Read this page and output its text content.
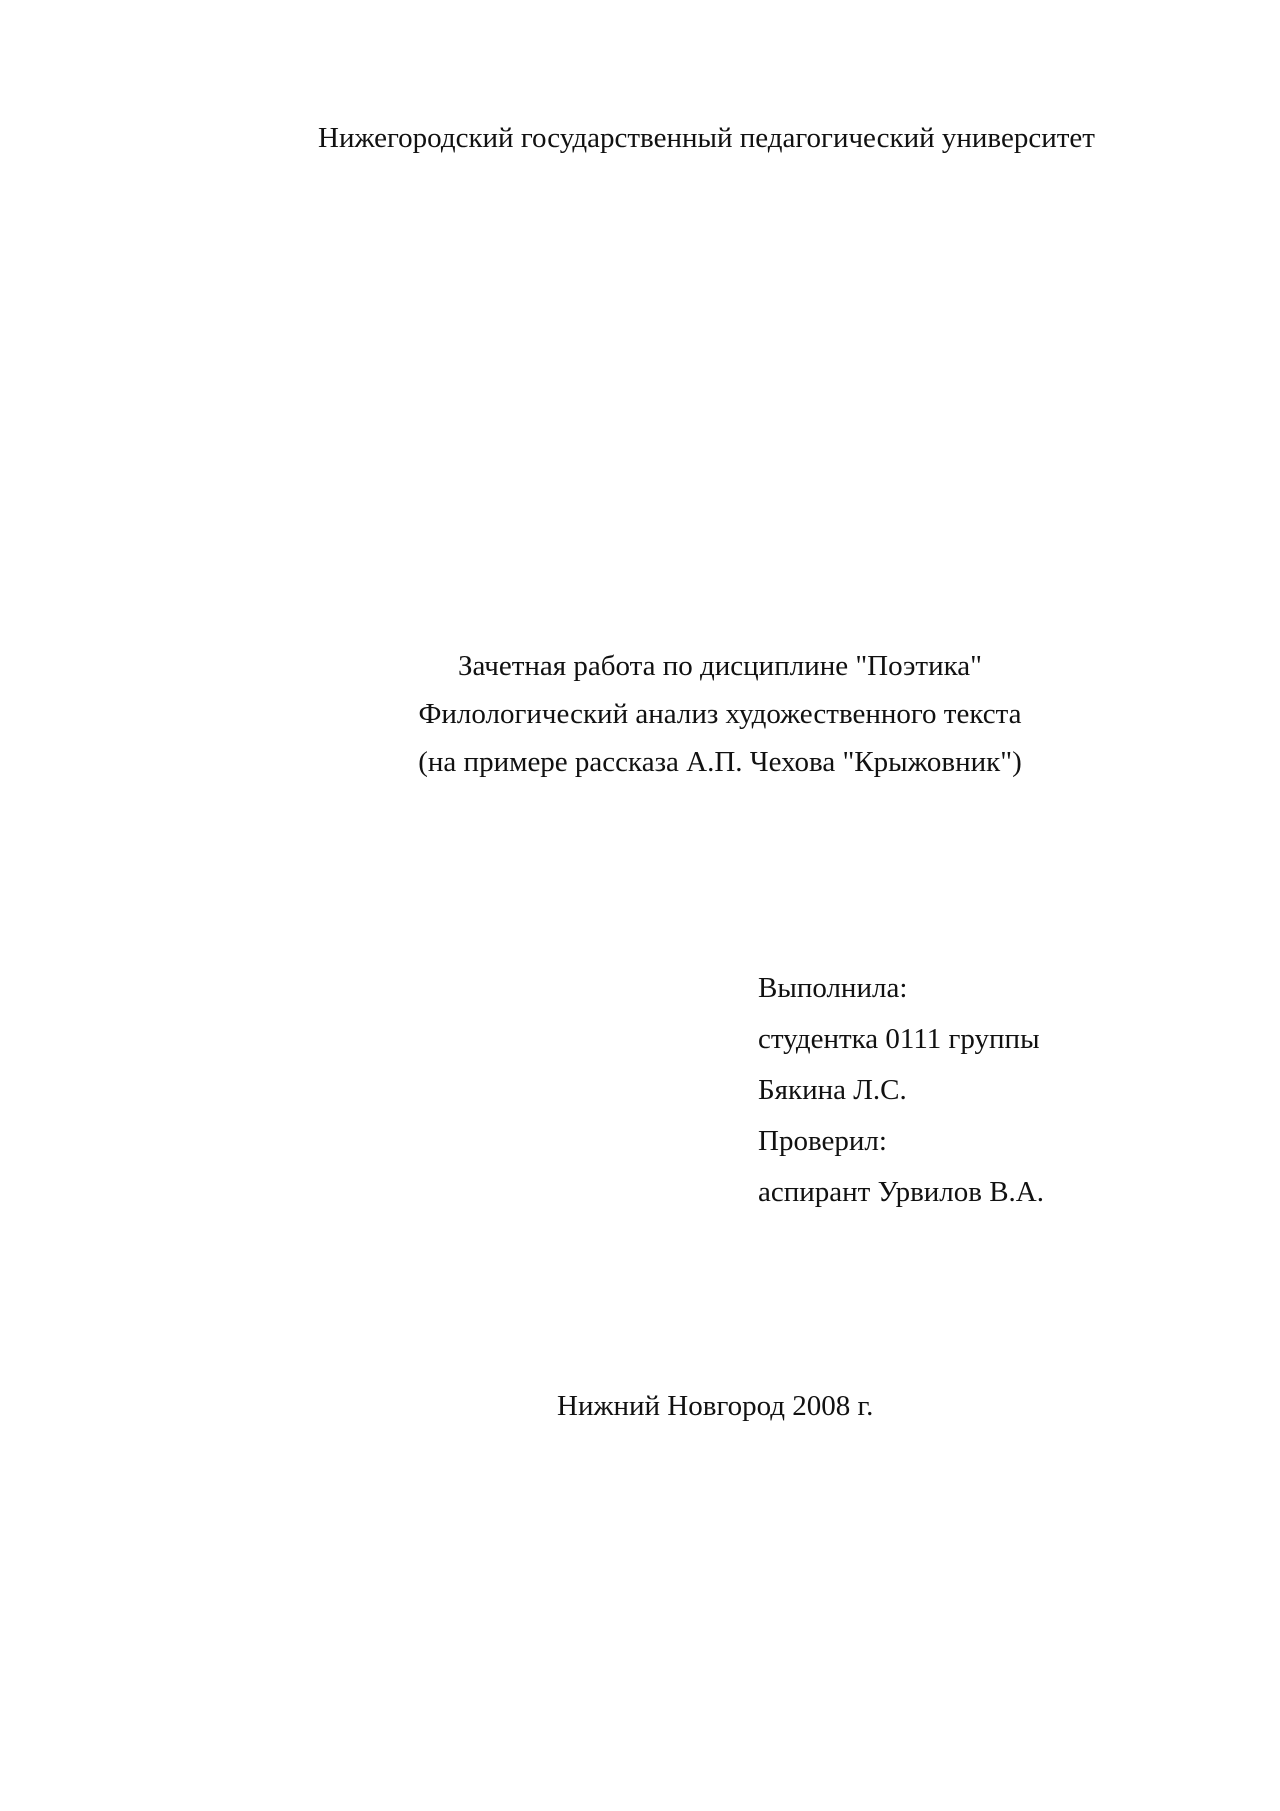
Нижегородский государственный педагогический университет
Зачетная работа по дисциплине "Поэтика"
Филологический анализ художественного текста
(на примере рассказа А.П. Чехова "Крыжовник")
Выполнила:
студентка 0111 группы
Бякина Л.С.
Проверил:
аспирант Урвилов В.А.
Нижний Новгород 2008 г.
